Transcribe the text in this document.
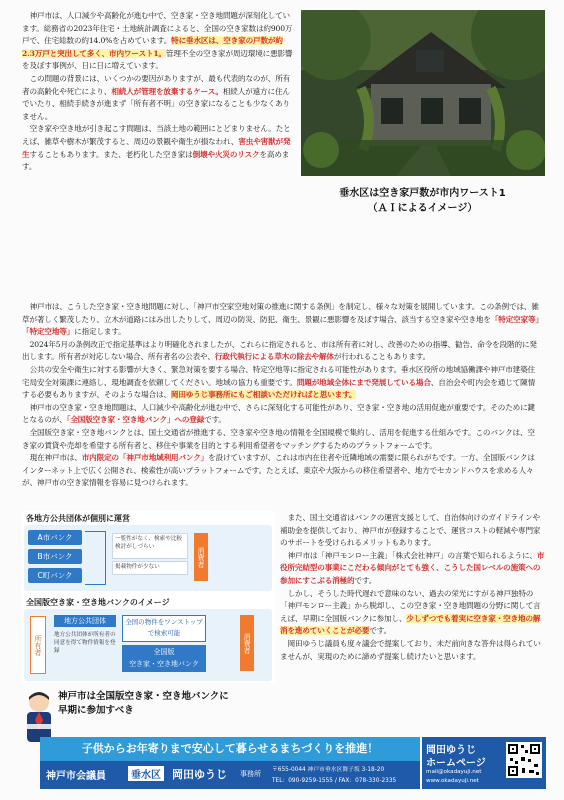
神戸市は、人口減少や高齢化が進む中で、空き家・空き地問題が深刻化しています。総務省の2023年住宅・土地統計調査によると、全国の空き家数は約900万戸で、住宅総数の約14.0%を占めています。特に垂水区は、空き家の戸数が約2.3万戸と突出して多く、市内ワースト1。管理不全の空き家が周辺環境に悪影響を及ぼす事例が、日に日に増えています。

この問題の背景には、いくつかの要因がありますが、最も代表的なのが、所有者の高齢化や死亡により、相続人が管理を放棄するケース。相続人が遠方に住んでいたり、相続手続きが進まず「所有者不明」の空き家になることも少なくありません。

空き家や空き地が引き起こす問題は、当該土地の範囲にとどまりません。たとえば、雑草や樹木が繁茂すると、周辺の景観や衛生が損なわれ、害虫や害獣が発生することもあります。また、老朽化した空き家は倒壊や火災のリスクを高めます。

垂水区は空き家戸数が市内ワースト1
（ＡＩによるイメージ）

神戸市は、こうした空き家・空き地問題に対し、「神戸市空家空地対策の推進に関する条例」を制定し、様々な対策を展開しています。この条例では、雑草が著しく繁茂したり、立木が道路にはみ出したりして、周辺の防災、防犯、衛生、景観に悪影響を及ぼす場合、該当する空き家や空き地を「特定空家等」「特定空地等」に指定します。

2024年5月の条例改正で指定基準はより明確化されましたが、これらに指定されると、市は所有者に対し、改善のための指導、勧告、命令を段階的に発出します。所有者が対応しない場合、所有者名の公表や、行政代執行による草木の除去や解体が行われることもあります。

公共の安全や衛生に対する影響が大きく、緊急対策を要する場合、特定空地等に指定される可能性があります。垂水区役所の地域協働課や神戸市建築住宅局安全対策課に連絡し、現地調査を依頼してください。地域の協力も重要です。問題が地域全体にまで発展している場合、自治会や町内会を通じて陳情する必要もありますが、そのような場合は、岡田ゆうじ事務所にもご相談いただければと思います。

神戸市の空き家・空き地問題は、人口減少や高齢化が進む中で、さらに深刻化する可能性があり、空き家・空き地の活用促進が重要です。そのために鍵となるのが、「全国版空き家・空き地バンク」への登録です。

全国版空き家・空き地バンクとは、国土交通省が推進する、空き家や空き地の情報を全国規模で集約し、活用を促進する仕組みです。このバンクは、空き家の賃貸や売却を希望する所有者と、移住や事業を目的とする利用希望者をマッチングするためのプラットフォームです。

現在神戸市は、市内限定の「神戸市地域利用バンク」を設けていますが、これは市内在住者や近隣地域の需要に限られがちです。一方、全国版バンクはインターネット上で広く公開され、検索性が高いプラットフォームです。たとえば、東京や大阪からの移住希望者や、地方でセカンドハウスを求める人々が、神戸市の空き家情報を容易に見つけられます。

また、国土交通省はバンクの運営支援として、自治体向けのガイドラインや補助金を提供しており、神戸市が登録することで、運営コストの軽減や専門家のサポートを受けられるメリットもあります。

神戸市は「神戸モンロー主義」「株式会社神戸」の言葉で知られるように、市役所完結型の事業にこだわる傾向がとても強く、こうした国レベルの施策への参加にすこぶる消極的です。

しかし、そうした時代遅れで意味のない、過去の栄光にすがる神戸独特の「神戸モンロー主義」から脱却し、この空き家・空き地問題の分野に関して言えば、早期に全国版バンクに参加し、少しずつでも着実に空き家・空き地の解消を進めていくことが必要です。

岡田ゆうじ議員も度々議会で提案しており、未だ前向きな答弁は得られていませんが、実現のために諦めず提案し続けたいと思います。

各地方公共団体が個別に運営
A市バンク
B市バンク
C町バンク
一覧性がなく、検索や比較検討がしづらい
掲載物件が少ない	消費者
全国版空き家・空き地バンクのイメージ
所有者
地方公共団体
地方公共団体が所有者の同意を得て物件情報を登録
全国の物件をワンストップで検索可能
全国版
空き家・空き地バンク
消費者
神戸市は全国版空き家・空き地バンクに
早期に参加すべき
子供からお年寄りまで安心して暮らせるまちづくりを推進！
神戸市会議員	垂水区 岡田ゆうじ 事務所 〒655-0044 神戸市垂水区舞子坂 3-18-20
TEL：090-9259-1555 / FAX：078-330-2335
岡田ゆうじ
ホームページ
mail@okadayuji.net
www.okadayuji.net
